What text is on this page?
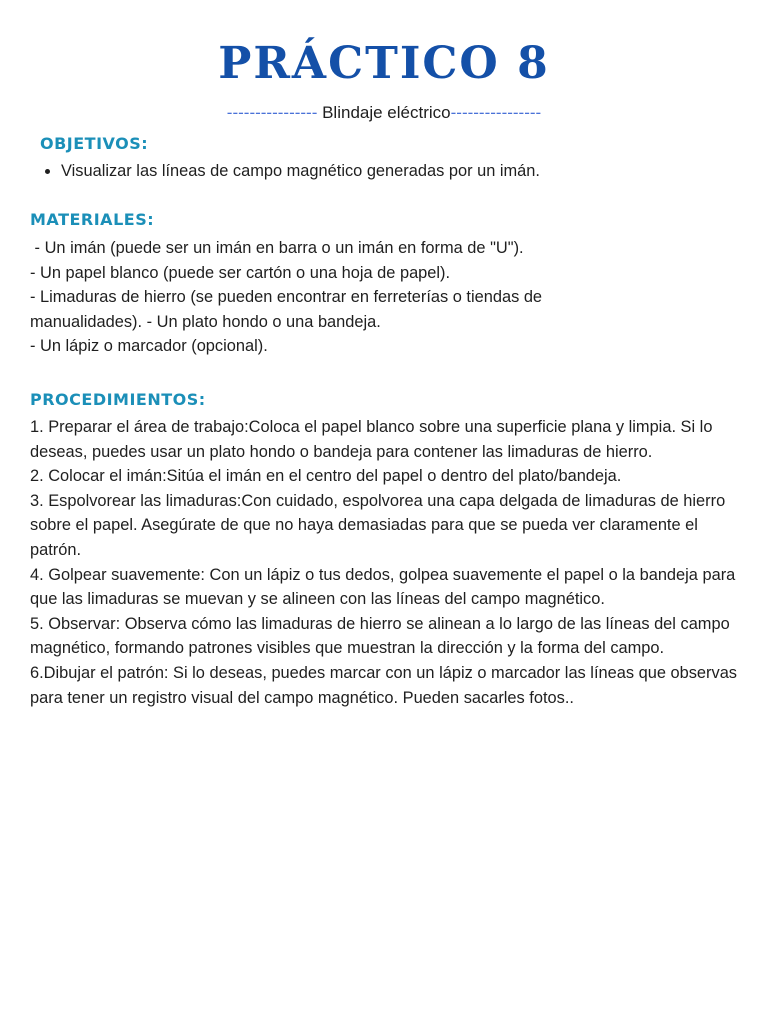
PRÁCTICO 8
---------------- Blindaje eléctrico----------------
OBJETIVOS:
• Visualizar las líneas de campo magnético generadas por un imán.
MATERIALES:

- Un imán (puede ser un imán en barra o un imán en forma de "U").

- Un papel blanco (puede ser cartón o una hoja de papel).

- Limaduras de hierro (se pueden encontrar en ferreterías o tiendas de manualidades). - Un plato hondo o una bandeja.

- Un lápiz o marcador (opcional).

PROCEDIMIENTOS:

1. Preparar el área de trabajo:Coloca el papel blanco sobre una superficie plana y limpia. Si lo deseas, puedes usar un plato hondo o bandeja para contener las limaduras de hierro.

2. Colocar el imán:Sitúa el imán en el centro del papel o dentro del plato/bandeja.

3. Espolvorear las limaduras:Con cuidado, espolvorea una capa delgada de limaduras de hierro sobre el papel. Asegúrate de que no haya demasiadas para que se pueda ver claramente el patrón.

4. Golpear suavemente: Con un lápiz o tus dedos, golpea suavemente el papel o la bandeja para que las limaduras se muevan y se alineen con las líneas del campo magnético.

5. Observar: Observa cómo las limaduras de hierro se alinean a lo largo de las líneas del campo magnético, formando patrones visibles que muestran la dirección y la forma del campo.

6.Dibujar el patrón: Si lo deseas, puedes marcar con un lápiz o marcador las líneas que observas para tener un registro visual del campo magnético. Pueden sacarles fotos..
